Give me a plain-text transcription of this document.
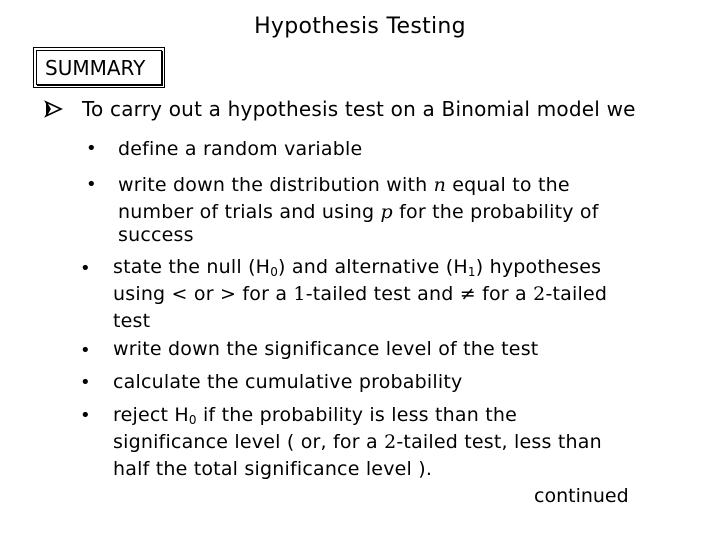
Hypothesis Testing
SUMMARY
To carry out a hypothesis test on a Binomial model we
• define a random variable
• write down the distribution with n equal to the
number of trials and using p for the probability of
success
• state the null $(H_0)$ and alternative $(H_1)$ hypotheses
using < or > for a 1-tailed test and ≠ for a 2-tailed
test
• write down the significance level of the test
• calculate the cumulative probability
• reject $H_0$ if the probability is less than the
significance level ( or, for a 2-tailed test, less than
half the total significance level ).
continued
